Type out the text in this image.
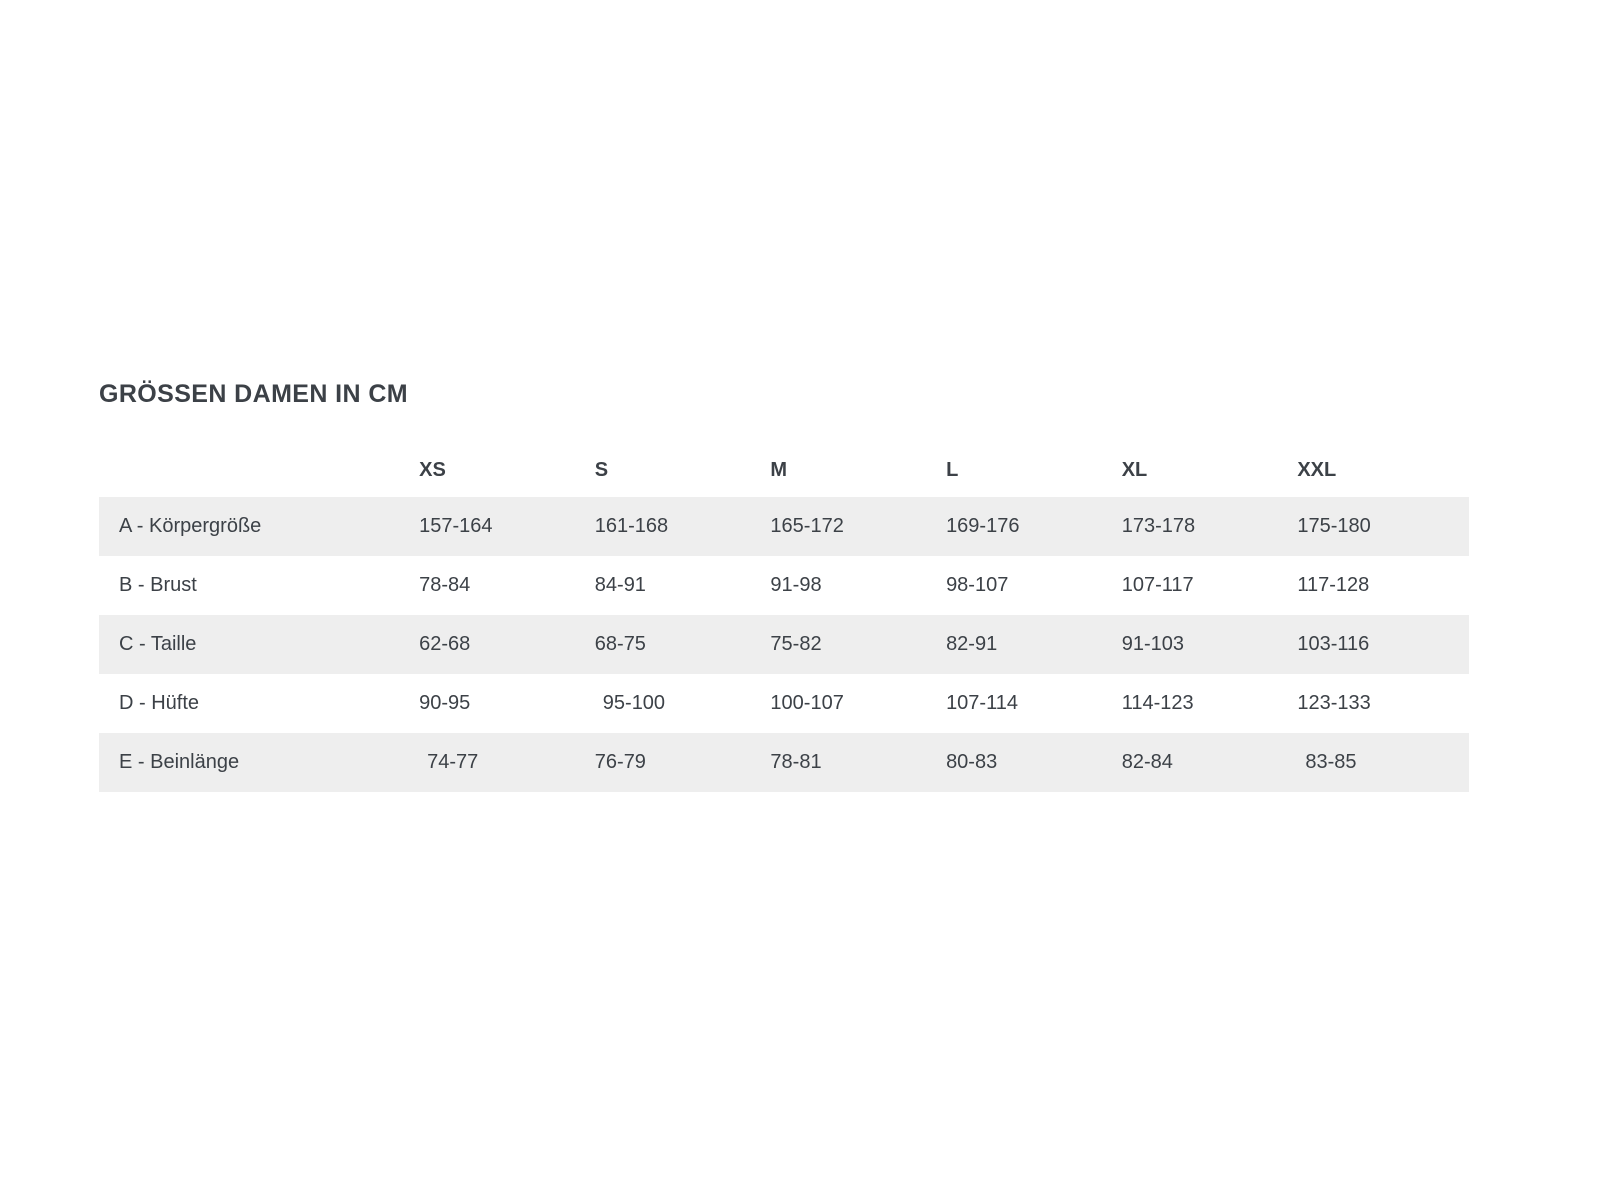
GRÖSSEN DAMEN IN CM
	XS	S	M	L	XL	XXL
A - Körpergröße	157-164	161-168	165-172	169-176	173-178	175-180
B - Brust	78-84	84-91	91-98	98-107	107-117	117-128
C - Taille	62-68	68-75	75-82	82-91	91-103	103-116
D - Hüfte	90-95	95-100	100-107	107-114	114-123	123-133
E - Beinlänge	74-77	76-79	78-81	80-83	82-84	83-85
